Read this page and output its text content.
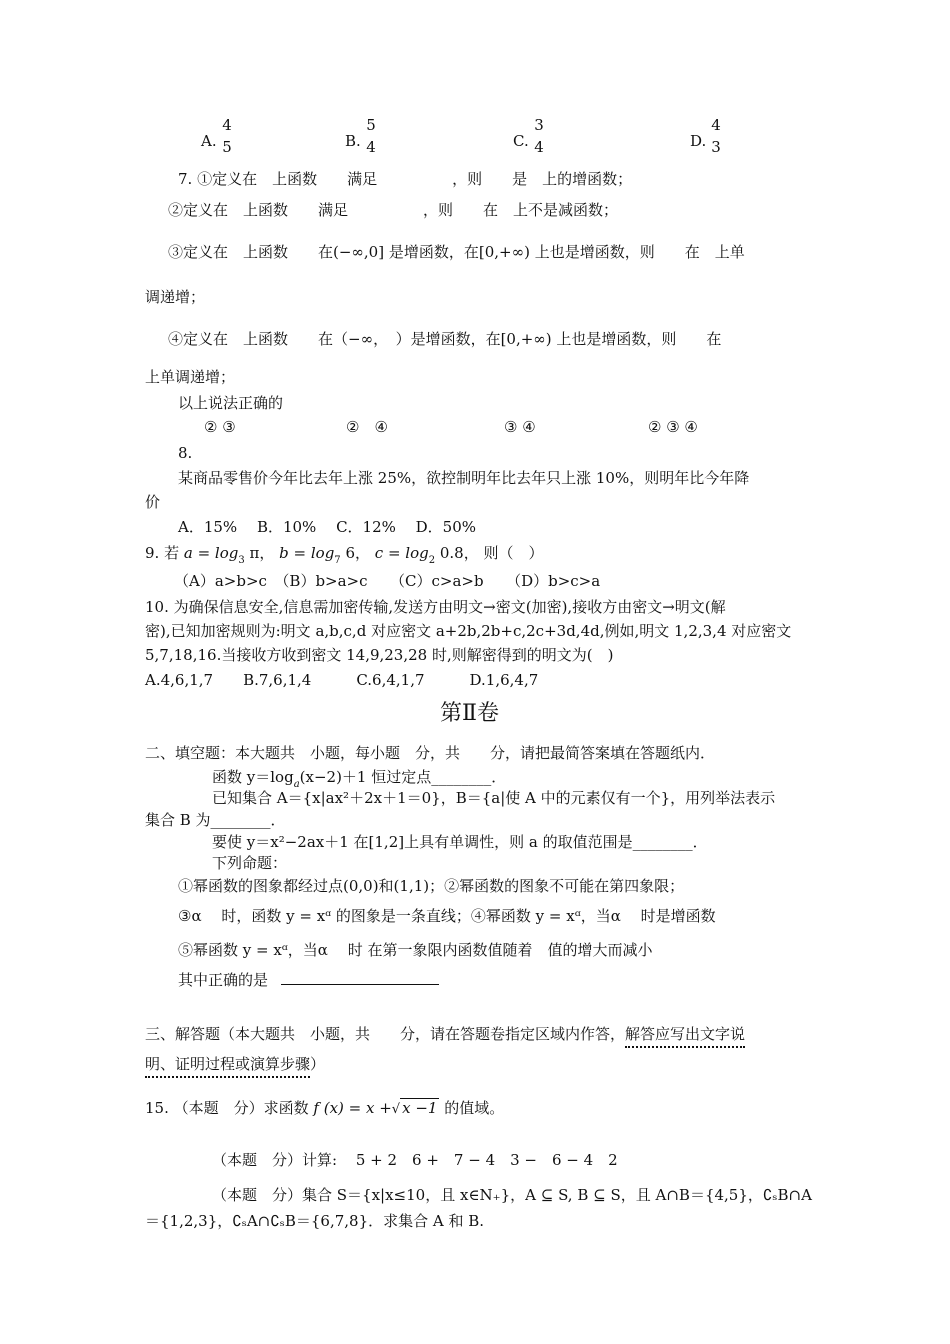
A.
4
5	B.
5
4	C.
3
4	D.
4
3
7. ①定义在　上函数　　满足　　　　　，则　　是　上的增函数；
②定义在　上函数　　满足　　　　　，则　　在　上不是减函数；
③定义在　上函数　　在(−∞,0] 是增函数，在[0,+∞) 上也是增函数，则　　在　上单
调递增；
④定义在　上函数　　在（−∞，　）是增函数，在[0,+∞) 上也是增函数，则　　在
上单调递增；
以上说法正确的
② ③	②　④	③ ④	② ③ ④
8.
某商品零售价今年比去年上涨 25%，欲控制明年比去年只上涨 10%，则明年比今年降
价
A．15%　 B．10%　 C．12%　 D．50%
9. 若 $a = \log_3 \pi$， $b = \log_7 6$， $c = \log_2 0.8$， 则（　）
（A）a>b>c　（B）b>a>c　　（C）c>a>b　　（D）b>c>a
10. 为确保信息安全,信息需加密传输,发送方由明文→密文(加密),接收方由密文→明文(解
密),已知加密规则为:明文 a,b,c,d 对应密文 a+2b,2b+c,2c+3d,4d,例如,明文 1,2,3,4 对应密文
5,7,18,16.当接收方收到密文 14,9,23,28 时,则解密得到的明文为(　)
A.4,6,1,7　　B.7,6,1,4　　　C.6,4,1,7　　　D.1,6,4,7
第Ⅱ卷
二、填空题：本大题共　小题，每小题　分，共　　分，请把最简答案填在答题纸内．
函数 $y=\log_a(x-2)+1$ 恒过定点________．
已知集合 A＝{x|ax²＋2x＋1＝0}，B＝{a|使 A 中的元素仅有一个}，用列举法表示
集合 B 为________．
要使 y＝x²−2ax＋1 在[1,2]上具有单调性，则 a 的取值范围是________．
下列命题：
①幂函数的图象都经过点(0,0)和(1,1)；②幂函数的图象不可能在第四象限；
③α　 时，函数 y = xᵅ 的图象是一条直线；④幂函数 y = xᵅ，当α　 时是增函数
⑤幂函数 y = xᵅ，当α　 时 在第一象限内函数值随着　值的增大而减小
其中正确的是
三、解答题（本大题共　小题，共　　分，请在答题卷指定区域内作答，解答应写出文字说
明、证明过程或演算步骤）
15. （本题　分）求函数 f (x) = x +√ x −1 的值域。
（本题　分）计算: 5 + 2　6 +　7 − 4　3 −　6 − 4　2
（本题　分）集合 S＝{x|x≤10，且 x∈N₊}，A ⊆ S, B ⊆ S，且 A∩B＝{4,5}，∁ₛB∩A
＝{1,2,3}，∁ₛA∩∁ₛB＝{6,7,8}．求集合 A 和 B.
